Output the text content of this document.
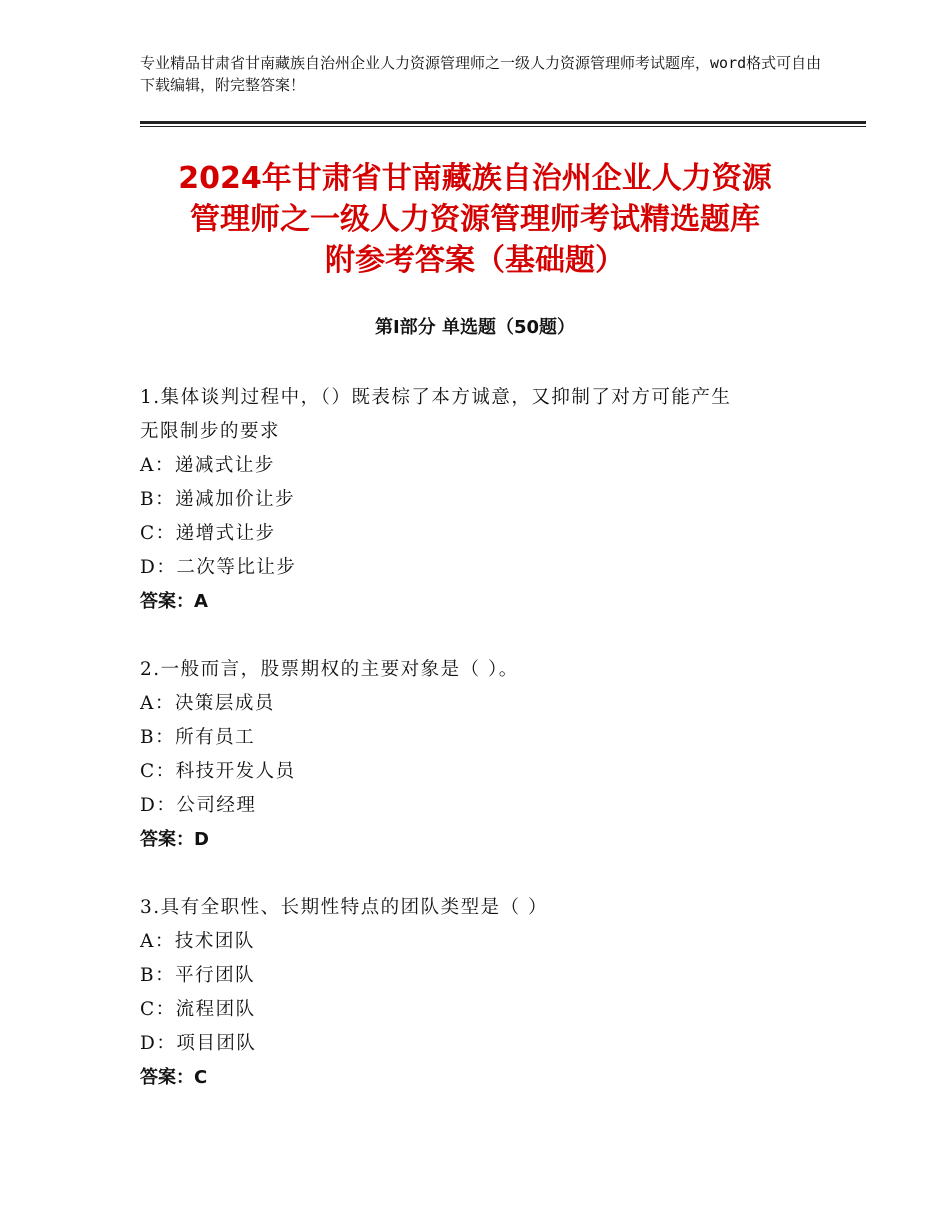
专业精品甘肃省甘南藏族自治州企业人力资源管理师之一级人力资源管理师考试题库，word格式可自由下载编辑，附完整答案！
2024年甘肃省甘南藏族自治州企业人力资源
管理师之一级人力资源管理师考试精选题库
附参考答案（基础题）
第Ⅰ部分 单选题（50题）
1.集体谈判过程中，（）既表棕了本方诚意，又抑制了对方可能产生
无限制步的要求
A：递减式让步
B：递减加价让步
C：递增式让步
D：二次等比让步
答案：A
2.一般而言，股票期权的主要对象是（ ）。
A：决策层成员
B：所有员工
C：科技开发人员
D：公司经理
答案：D
3.具有全职性、长期性特点的团队类型是（ ）
A：技术团队
B：平行团队
C：流程团队
D：项目团队
答案：C
